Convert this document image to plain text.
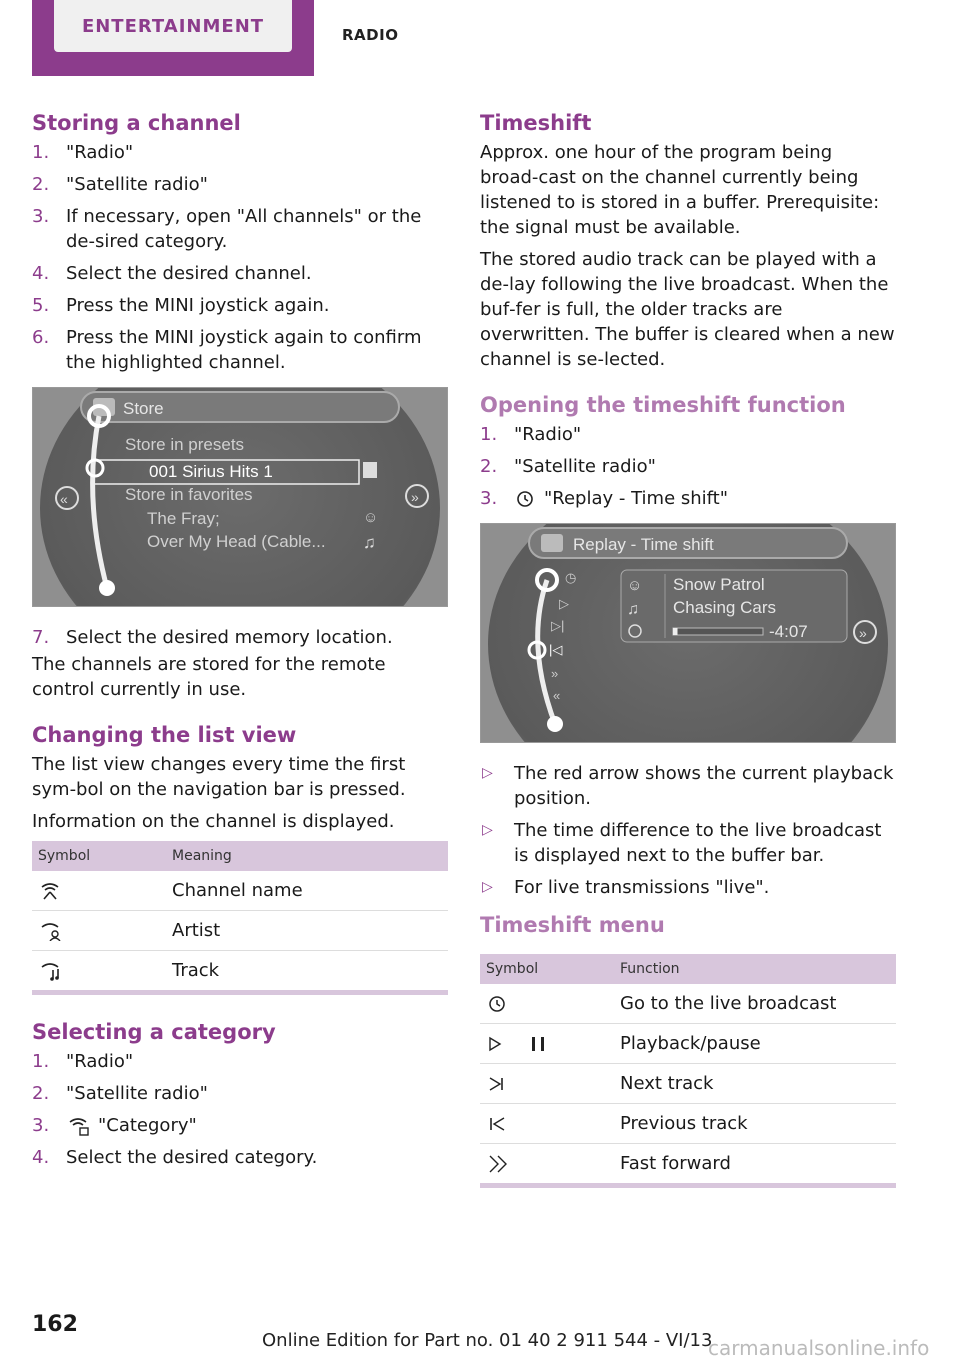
ENTERTAINMENT	RADIO
Storing a channel
1. "Radio"
2. "Satellite radio"
3. If necessary, open "All channels" or the de‐sired category.
4. Select the desired channel.
5. Press the MINI joystick again.
6. Press the MINI joystick again to confirm the highlighted channel.
Store
Store in presets
001 Sirius Hits 1
Store in favorites
The Fray;	☺
Over My Head (Cable... ♫
«	»
7. Select the desired memory location.

The channels are stored for the remote control currently in use.

Changing the list view

The list view changes every time the first sym‐bol on the navigation bar is pressed.

Information on the channel is displayed.

Symbol	Meaning
	Channel name
	Artist
	Track
Selecting a category
1. "Radio"
2. "Satellite radio"
3.	"Category"
4. Select the desired category.
Timeshift

Approx. one hour of the program being broad‐cast on the channel currently being listened to is stored in a buffer. Prerequisite: the signal must be available.

The stored audio track can be played with a de‐lay following the live broadcast. When the buf‐fer is full, the older tracks are overwritten. The buffer is cleared when a new channel is se‐lected.

Opening the timeshift function
1. "Radio"
2. "Satellite radio"
3.	"Replay - Time shift"
Replay - Time shift
☺
♫
Snow Patrol
Chasing Cars
-4:07	»
◷
▷
▷|
|◁
»
«
▷ The red arrow shows the current playback position.
▷ The time difference to the live broadcast is displayed next to the buffer bar.
▷ For live transmissions "live".
Timeshift menu
Symbol	Function
	Go to the live broadcast
	Playback/pause
	Next track
	Previous track
	Fast forward
162
Online Edition for Part no. 01 40 2 911 544 - VI/13
carmanualsonline.info
